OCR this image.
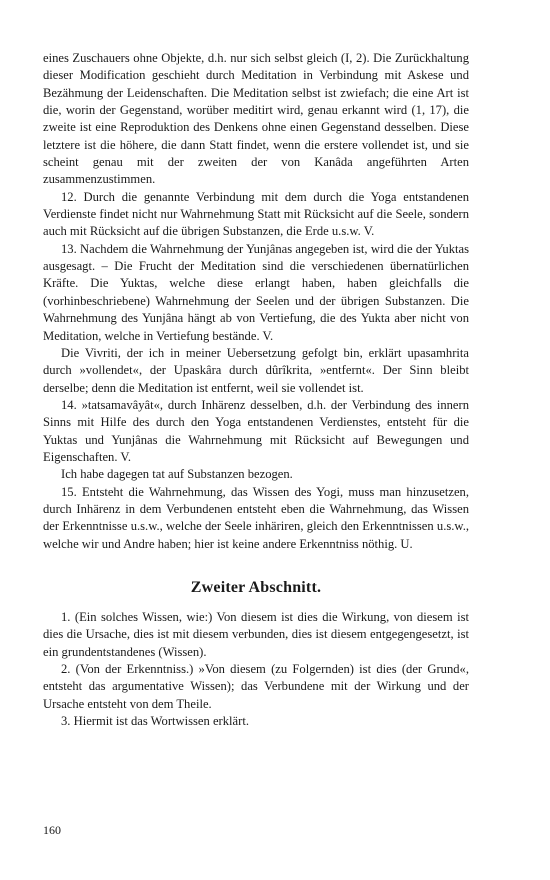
eines Zuschauers ohne Objekte, d.h. nur sich selbst gleich (I, 2). Die Zurückhaltung dieser Modification geschieht durch Meditation in Verbindung mit Askese und Bezähmung der Leidenschaften. Die Meditation selbst ist zwiefach; die eine Art ist die, worin der Gegenstand, worüber meditirt wird, genau erkannt wird (1, 17), die zweite ist eine Reproduktion des Denkens ohne einen Gegenstand desselben. Diese letztere ist die höhere, die dann Statt findet, wenn die erstere vollendet ist, und sie scheint genau mit der zweiten der von Kanâda angeführten Arten zusammenzustimmen.

12. Durch die genannte Verbindung mit dem durch die Yoga entstandenen Verdienste findet nicht nur Wahrnehmung Statt mit Rücksicht auf die Seele, sondern auch mit Rücksicht auf die übrigen Substanzen, die Erde u.s.w. V.

13. Nachdem die Wahrnehmung der Yunjânas angegeben ist, wird die der Yuktas ausgesagt. – Die Frucht der Meditation sind die verschiedenen übernatürlichen Kräfte. Die Yuktas, welche diese erlangt haben, haben gleichfalls die (vorhinbeschriebene) Wahrnehmung der Seelen und der übrigen Substanzen. Die Wahrnehmung des Yunjâna hängt ab von Vertiefung, die des Yukta aber nicht von Meditation, welche in Vertiefung bestände. V.

Die Vivriti, der ich in meiner Uebersetzung gefolgt bin, erklärt upasamhrita durch »vollendet«, der Upaskâra durch dûrîkrita, »entfernt«. Der Sinn bleibt derselbe; denn die Meditation ist entfernt, weil sie vollendet ist.

14. »tatsamavâyât«, durch Inhärenz desselben, d.h. der Verbindung des innern Sinns mit Hilfe des durch den Yoga entstandenen Verdienstes, entsteht für die Yuktas und Yunjânas die Wahrnehmung mit Rücksicht auf Bewegungen und Eigenschaften. V.

Ich habe dagegen tat auf Substanzen bezogen.

15. Entsteht die Wahrnehmung, das Wissen des Yogi, muss man hinzusetzen, durch Inhärenz in dem Verbundenen entsteht eben die Wahrnehmung, das Wissen der Erkenntnisse u.s.w., welche der Seele inhäriren, gleich den Erkenntnissen u.s.w., welche wir und Andre haben; hier ist keine andere Erkenntniss nöthig. U.

Zweiter Abschnitt.

1. (Ein solches Wissen, wie:) Von diesem ist dies die Wirkung, von diesem ist dies die Ursache, dies ist mit diesem verbunden, dies ist diesem entgegengesetzt, ist ein grundentstandenes (Wissen).

2. (Von der Erkenntniss.) »Von diesem (zu Folgernden) ist dies (der Grund«, entsteht das argumentative Wissen); das Verbundene mit der Wirkung und der Ursache entsteht von dem Theile.

3. Hiermit ist das Wortwissen erklärt.

160
